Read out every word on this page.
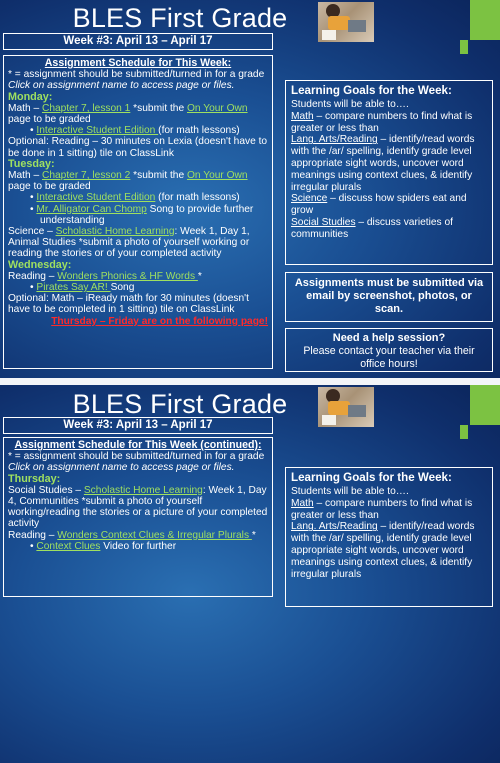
BLES First Grade
Week #3: April 13 – April 17
Assignment Schedule for This Week:
* = assignment should be submitted/turned in for a grade
Click on assignment name to access page or files.
Monday:
Math – Chapter 7, lesson 1 *submit the On Your Own page to be graded
• Interactive Student Edition (for math lessons)
Optional: Reading – 30 minutes on Lexia (doesn't have to be done in 1 sitting) tile on ClassLink
Tuesday:
Math – Chapter 7, lesson 2 *submit the On Your Own page to be graded
• Interactive Student Edition (for math lessons)
• Mr. Alligator Can Chomp Song to provide further understanding
Science – Scholastic Home Learning: Week 1, Day 1, Animal Studies *submit a photo of yourself working or reading the stories or of your completed activity
Wednesday:
Reading – Wonders Phonics & HF Words *
• Pirates Say AR! Song
Optional: Math – iReady math for 30 minutes (doesn't have to be completed in 1 sitting) tile on ClassLink
Thursday – Friday are on the following page!
Learning Goals for the Week:
Students will be able to….
Math – compare numbers to find what is greater or less than
Lang. Arts/Reading – identify/read words with the /ar/ spelling, identify grade level appropriate sight words, uncover word meanings using context clues, & identify irregular plurals
Science – discuss how spiders eat and grow
Social Studies – discuss varieties of communities
Assignments must be submitted via email by screenshot, photos, or scan.
Need a help session?
Please contact your teacher via their office hours!
BLES First Grade
Week #3: April 13 – April 17
Assignment Schedule for This Week (continued):
* = assignment should be submitted/turned in for a grade
Click on assignment name to access page or files.
Thursday:
Social Studies – Scholastic Home Learning: Week 1, Day 4, Communities *submit a photo of yourself working/reading the stories or a picture of your completed activity
Reading – Wonders Context Clues & Irregular Plurals *
• Context Clues Video for further
Learning Goals for the Week:
Students will be able to….
Math – compare numbers to find what is greater or less than
Lang. Arts/Reading – identify/read words with the /ar/ spelling, identify grade level appropriate sight words, uncover word meanings using context clues, & identify irregular plurals
